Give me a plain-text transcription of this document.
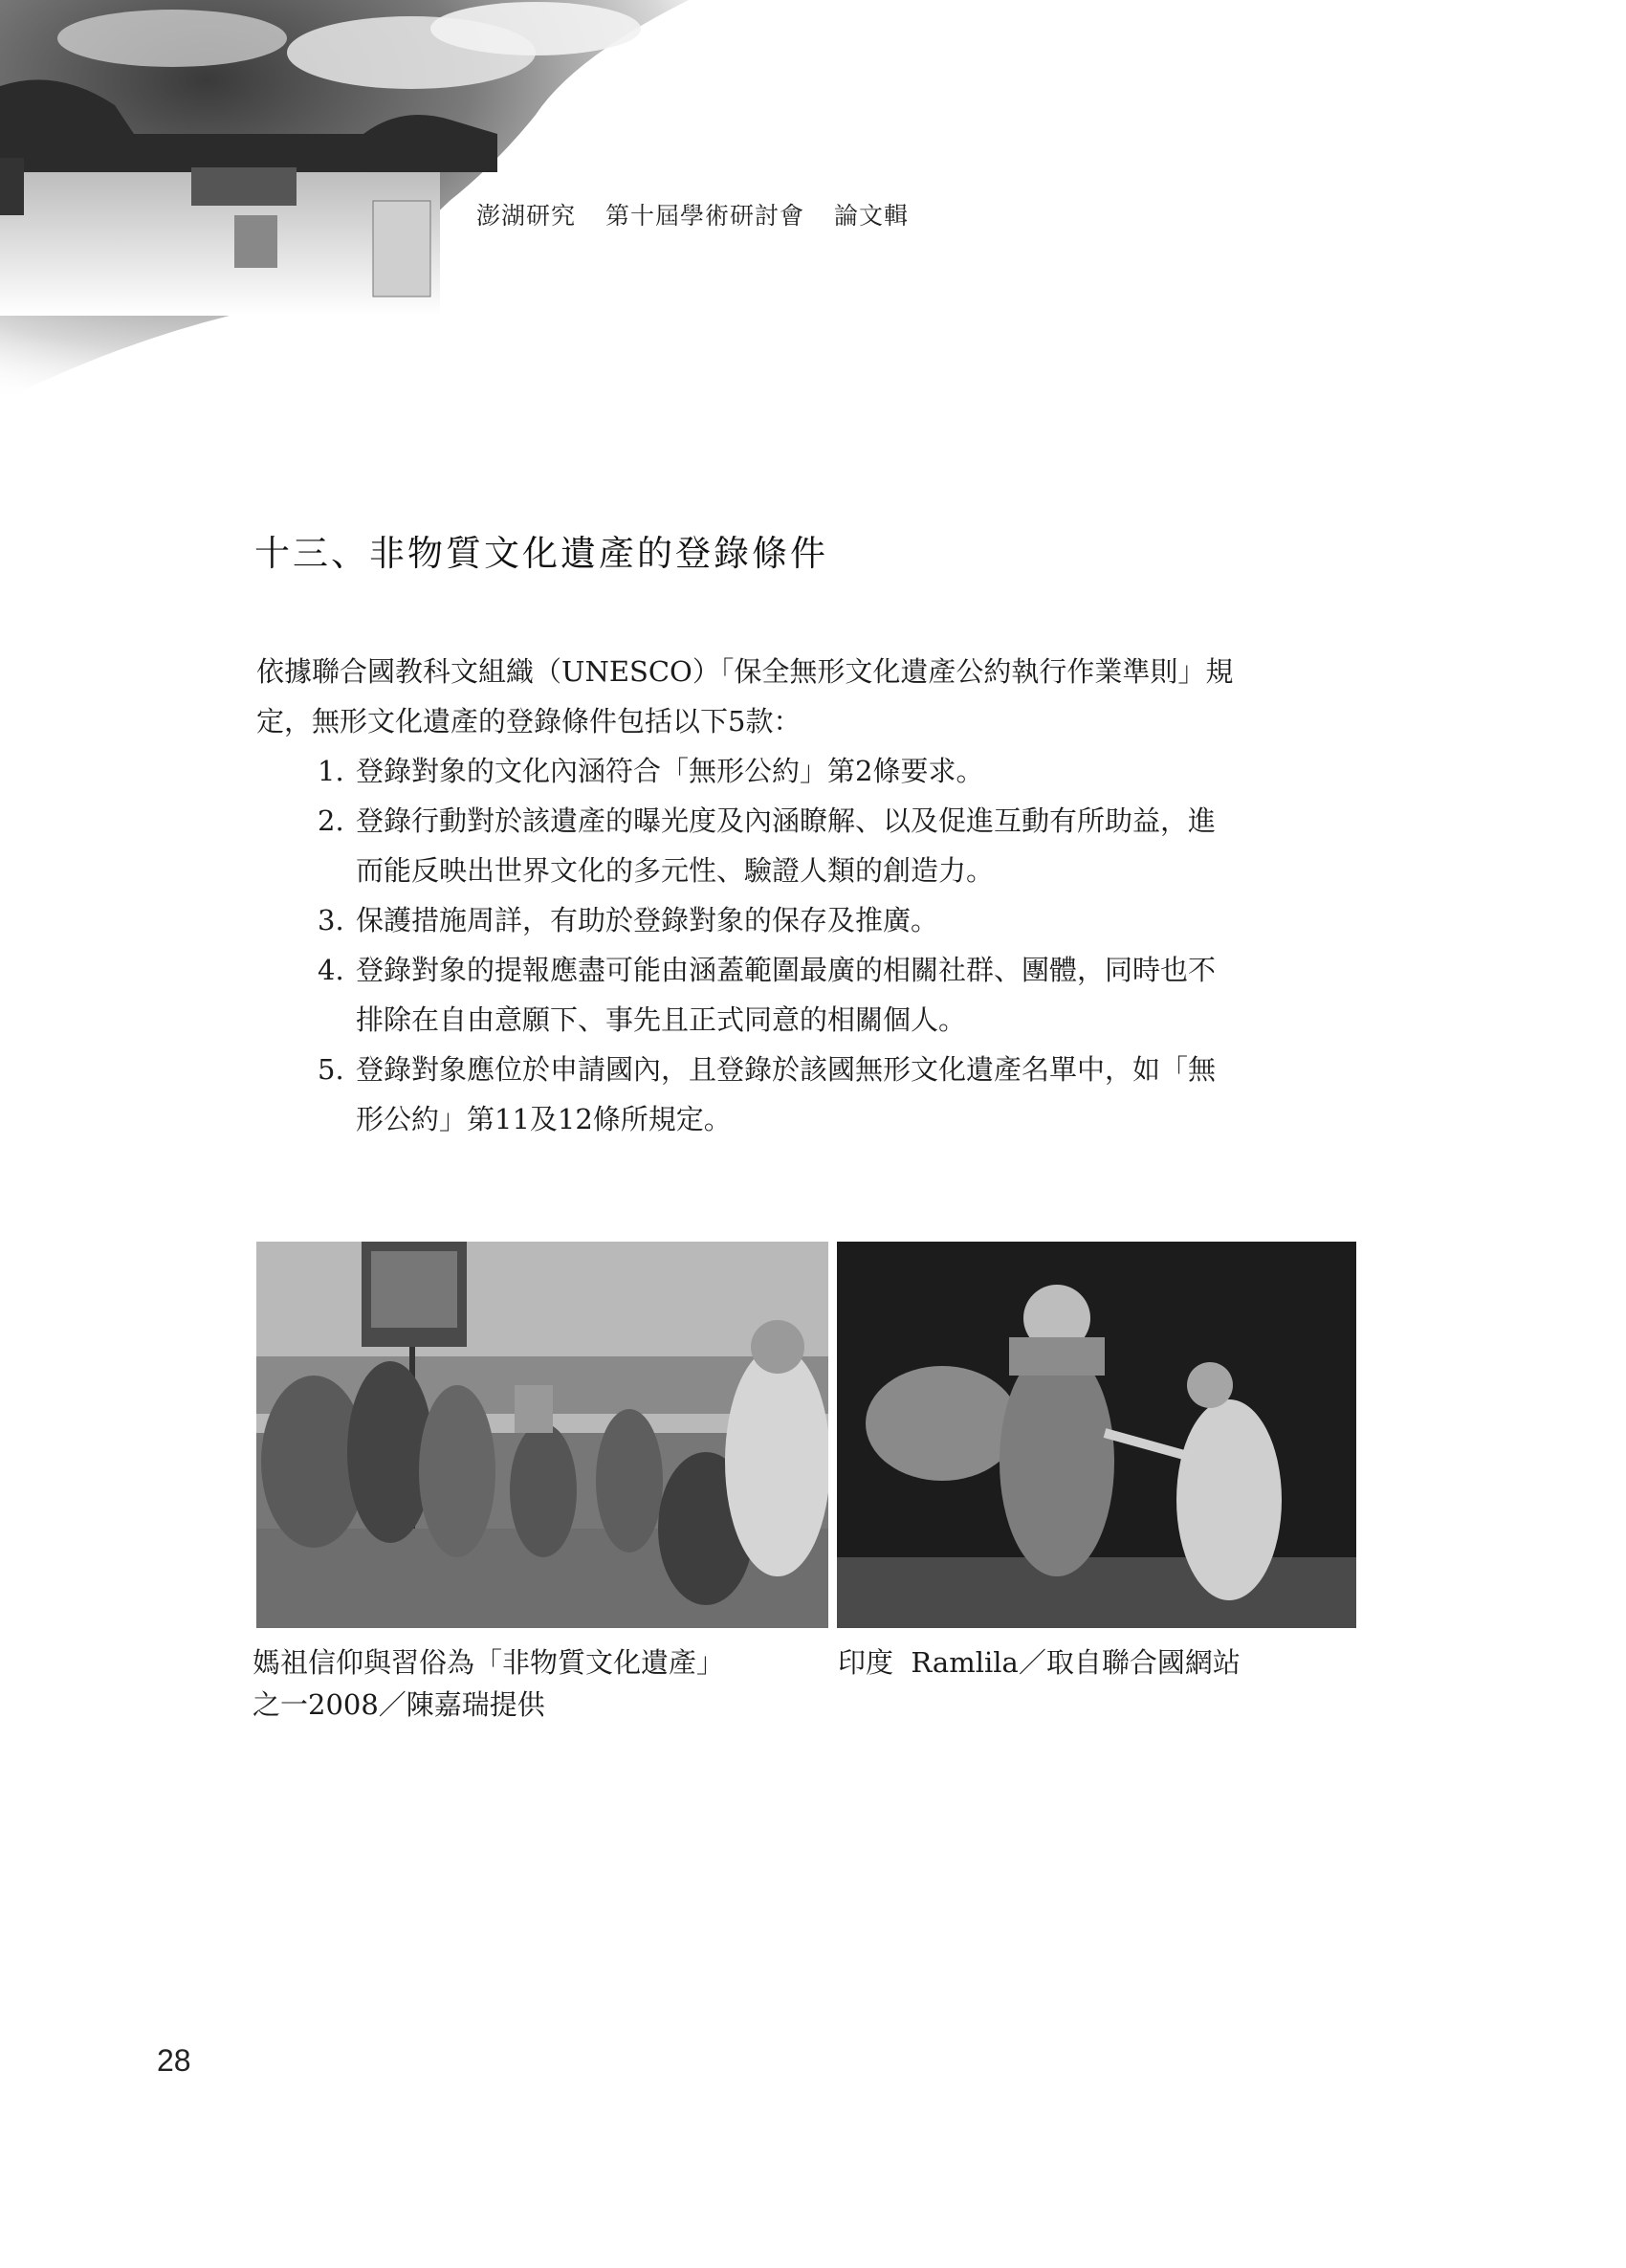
澎湖研究 第十屆學術研討會 論文輯
十三、非物質文化遺產的登錄條件

依據聯合國教科文組織（UNESCO）「保全無形文化遺產公約執行作業準則」規

定，無形文化遺產的登錄條件包括以下5款：

1. 登錄對象的文化內涵符合「無形公約」第2條要求。
2. 登錄行動對於該遺產的曝光度及內涵瞭解、以及促進互動有所助益，進
而能反映出世界文化的多元性、驗證人類的創造力。
3. 保護措施周詳，有助於登錄對象的保存及推廣。
4. 登錄對象的提報應盡可能由涵蓋範圍最廣的相關社群、團體，同時也不
排除在自由意願下、事先且正式同意的相關個人。
5. 登錄對象應位於申請國內，且登錄於該國無形文化遺產名單中，如「無
形公約」第11及12條所規定。
媽祖信仰與習俗為「非物質文化遺產」
之一2008／陳嘉瑞提供
印度  Ramlila／取自聯合國網站
28
